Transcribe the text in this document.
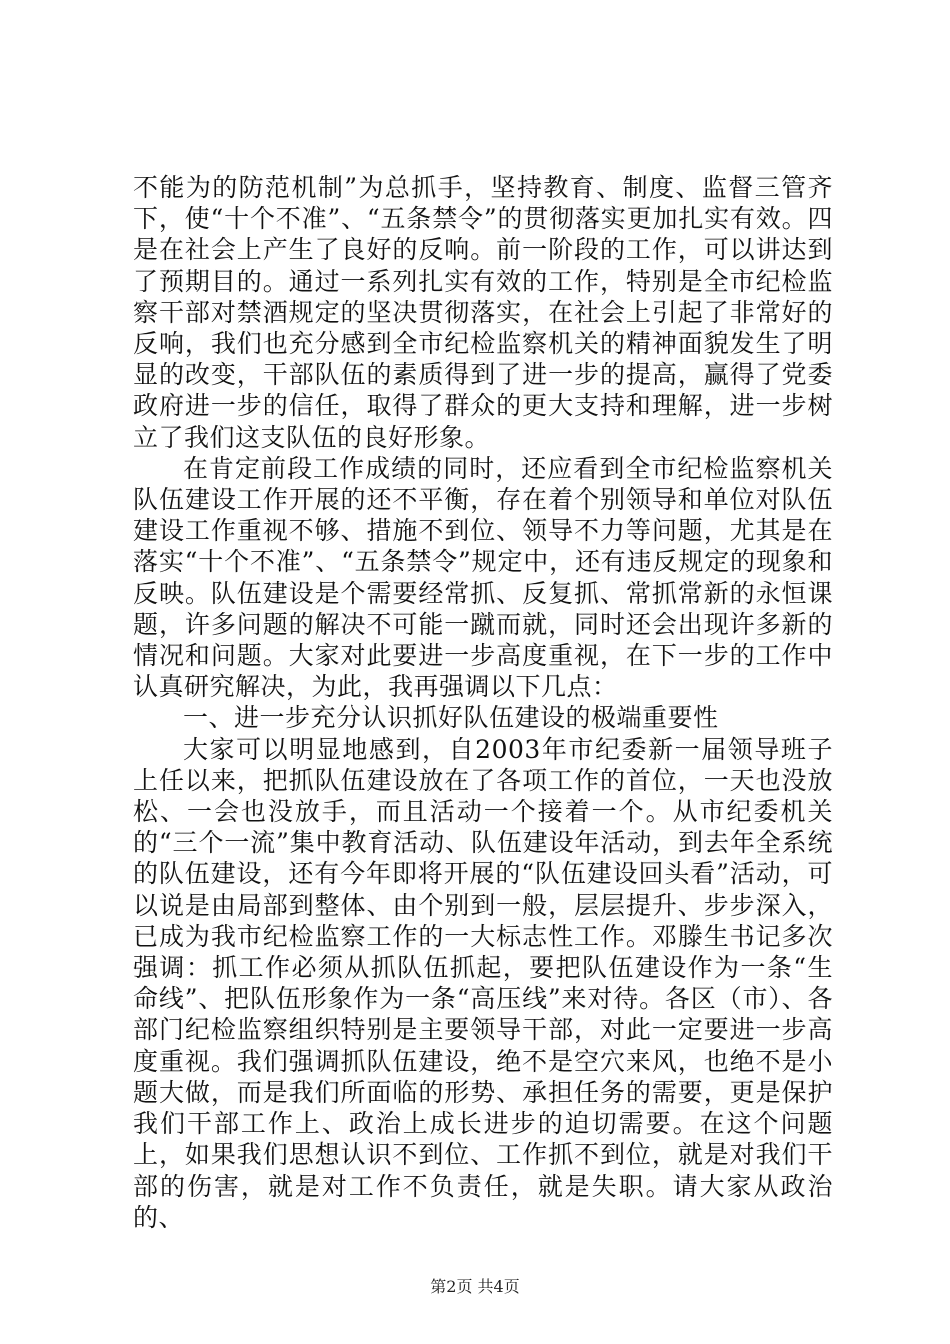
不能为的防范机制”为总抓手，坚持教育、制度、监督三管齐下，使“十个不准”、“五条禁令”的贯彻落实更加扎实有效。四是在社会上产生了良好的反响。前一阶段的工作，可以讲达到了预期目的。通过一系列扎实有效的工作，特别是全市纪检监察干部对禁酒规定的坚决贯彻落实，在社会上引起了非常好的反响，我们也充分感到全市纪检监察机关的精神面貌发生了明显的改变，干部队伍的素质得到了进一步的提高，赢得了党委政府进一步的信任，取得了群众的更大支持和理解，进一步树立了我们这支队伍的良好形象。

在肯定前段工作成绩的同时，还应看到全市纪检监察机关队伍建设工作开展的还不平衡，存在着个别领导和单位对队伍建设工作重视不够、措施不到位、领导不力等问题，尤其是在落实“十个不准”、“五条禁令”规定中，还有违反规定的现象和反映。队伍建设是个需要经常抓、反复抓、常抓常新的永恒课题，许多问题的解决不可能一蹴而就，同时还会出现许多新的情况和问题。大家对此要进一步高度重视，在下一步的工作中认真研究解决，为此，我再强调以下几点：

一、进一步充分认识抓好队伍建设的极端重要性

大家可以明显地感到，自2003年市纪委新一届领导班子上任以来，把抓队伍建设放在了各项工作的首位，一天也没放松、一会也没放手，而且活动一个接着一个。从市纪委机关的“三个一流”集中教育活动、队伍建设年活动，到去年全系统的队伍建设，还有今年即将开展的“队伍建设回头看”活动，可以说是由局部到整体、由个别到一般，层层提升、步步深入，已成为我市纪检监察工作的一大标志性工作。邓滕生书记多次强调：抓工作必须从抓队伍抓起，要把队伍建设作为一条“生命线”、把队伍形象作为一条“高压线”来对待。各区（市）、各部门纪检监察组织特别是主要领导干部，对此一定要进一步高度重视。我们强调抓队伍建设，绝不是空穴来风，也绝不是小题大做，而是我们所面临的形势、承担任务的需要，更是保护我们干部工作上、政治上成长进步的迫切需要。在这个问题上，如果我们思想认识不到位、工作抓不到位，就是对我们干部的伤害，就是对工作不负责任，就是失职。请大家从政治的、

第2页 共4页
